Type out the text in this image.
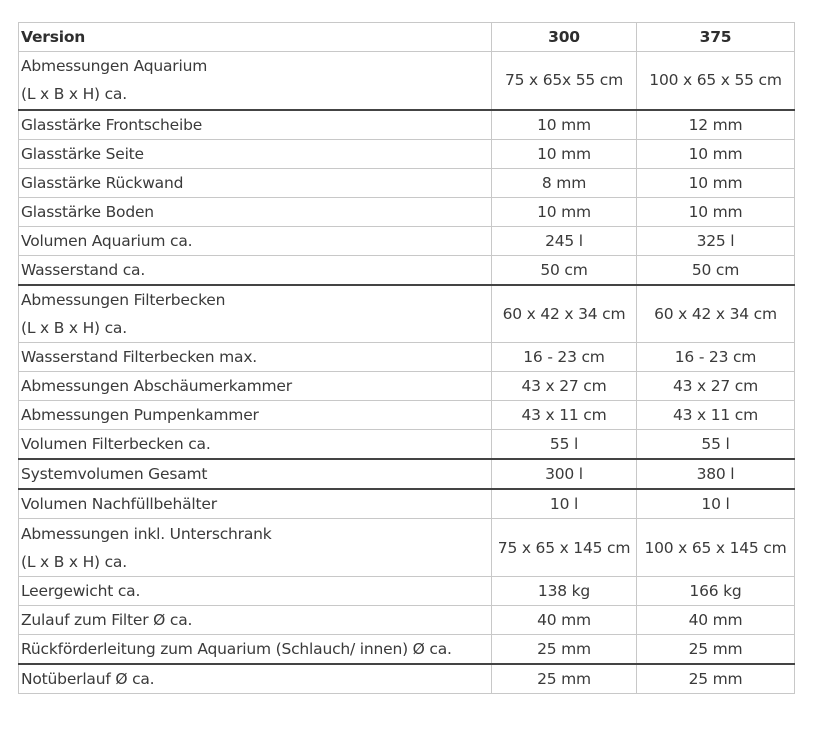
Version	300	375

Abmessungen Aquarium
(L x B x H) ca.	75 x 65x 55 cm	100 x 65 x 55 cm

Glasstärke Frontscheibe	10 mm	12 mm

Glasstärke Seite	10 mm	10 mm

Glasstärke Rückwand	8 mm	10 mm

Glasstärke Boden	10 mm	10 mm

Volumen Aquarium ca.	245 l	325 l

Wasserstand ca.	50 cm	50 cm

Abmessungen Filterbecken
(L x B x H) ca.	60 x 42 x 34 cm	60 x 42 x 34 cm

Wasserstand Filterbecken max.	16 - 23 cm	16 - 23 cm

Abmessungen Abschäumerkammer	43 x 27 cm	43 x 27 cm

Abmessungen Pumpenkammer	43 x 11 cm	43 x 11 cm

Volumen Filterbecken ca.	55 l	55 l

Systemvolumen Gesamt	300 l	380 l

Volumen Nachfüllbehälter	10 l	10 l

Abmessungen inkl. Unterschrank
(L x B x H) ca.	75 x 65 x 145 cm	100 x 65 x 145 cm

Leergewicht ca.	138 kg	166 kg

Zulauf zum Filter Ø ca.	40 mm	40 mm

Rückförderleitung zum Aquarium (Schlauch/ innen) Ø ca.	25 mm	25 mm

Notüberlauf Ø ca.	25 mm	25 mm
